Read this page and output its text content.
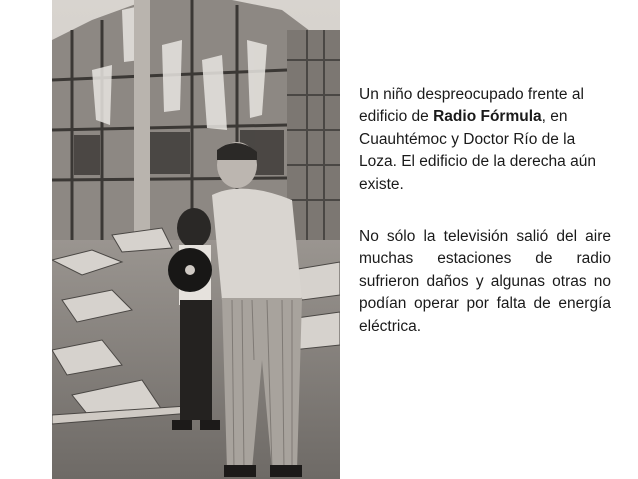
Un niño despreocupado frente al edificio de Radio Fórmula, en Cuauhtémoc y Doctor Río de la Loza. El edificio de la derecha aún existe.
No sólo la televisión salió del aire muchas estaciones de radio sufrieron daños y algunas otras no podían operar por falta de energía eléctrica.
